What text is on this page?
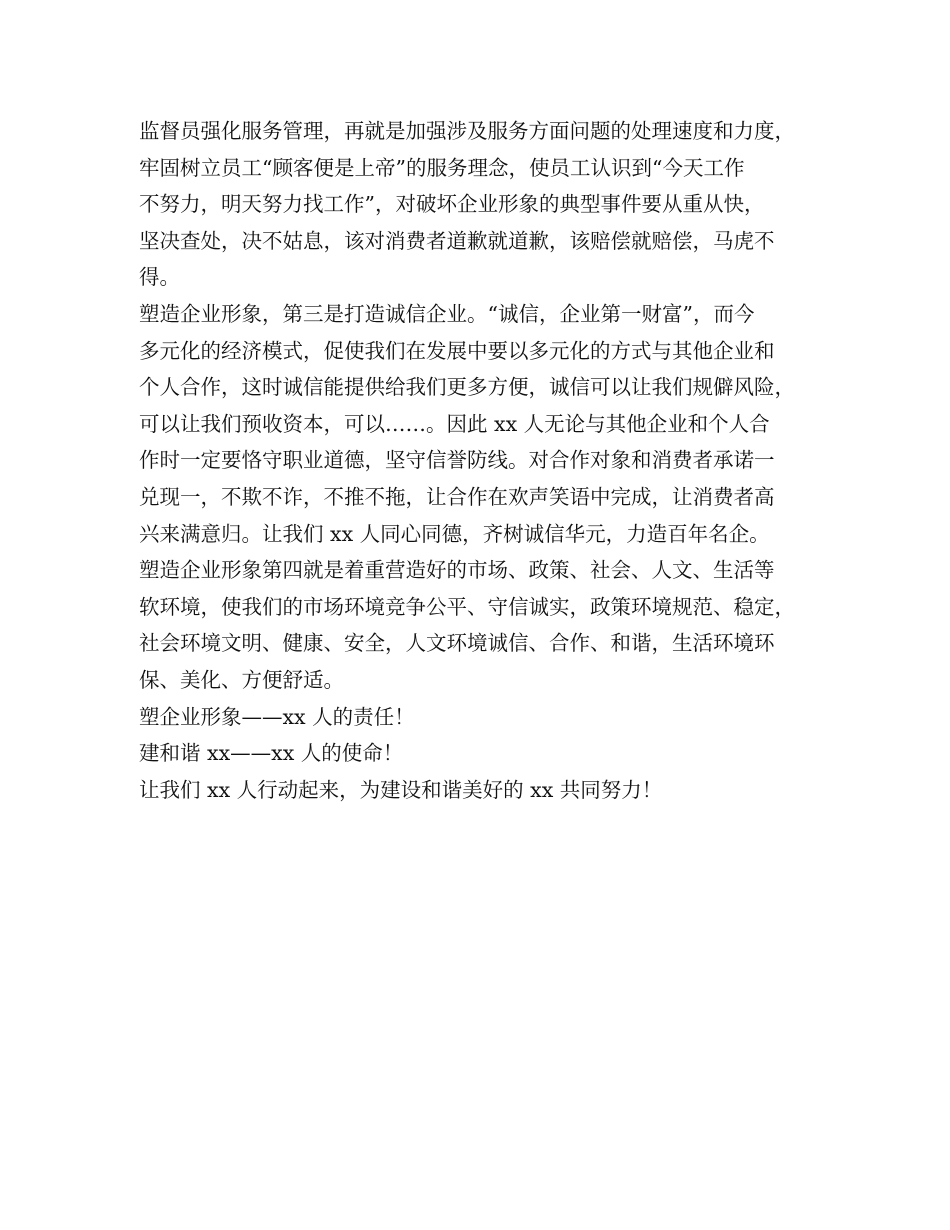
监督员强化服务管理，再就是加强涉及服务方面问题的处理速度和力度，
牢固树立员工“顾客便是上帝”的服务理念，使员工认识到“今天工作
不努力，明天努力找工作”，对破坏企业形象的典型事件要从重从快，
坚决查处，决不姑息，该对消费者道歉就道歉，该赔偿就赔偿，马虎不
得。
塑造企业形象，第三是打造诚信企业。“诚信，企业第一财富”，而今
多元化的经济模式，促使我们在发展中要以多元化的方式与其他企业和
个人合作，这时诚信能提供给我们更多方便，诚信可以让我们规僻风险，
可以让我们预收资本，可以……。因此 xx 人无论与其他企业和个人合
作时一定要恪守职业道德，坚守信誉防线。对合作对象和消费者承诺一
兑现一，不欺不诈，不推不拖，让合作在欢声笑语中完成，让消费者高
兴来满意归。让我们 xx 人同心同德，齐树诚信华元，力造百年名企。
塑造企业形象第四就是着重营造好的市场、政策、社会、人文、生活等
软环境，使我们的市场环境竞争公平、守信诚实，政策环境规范、稳定，
社会环境文明、健康、安全，人文环境诚信、合作、和谐，生活环境环
保、美化、方便舒适。
塑企业形象——xx 人的责任！
建和谐 xx——xx 人的使命！
让我们 xx 人行动起来，为建设和谐美好的 xx 共同努力！
